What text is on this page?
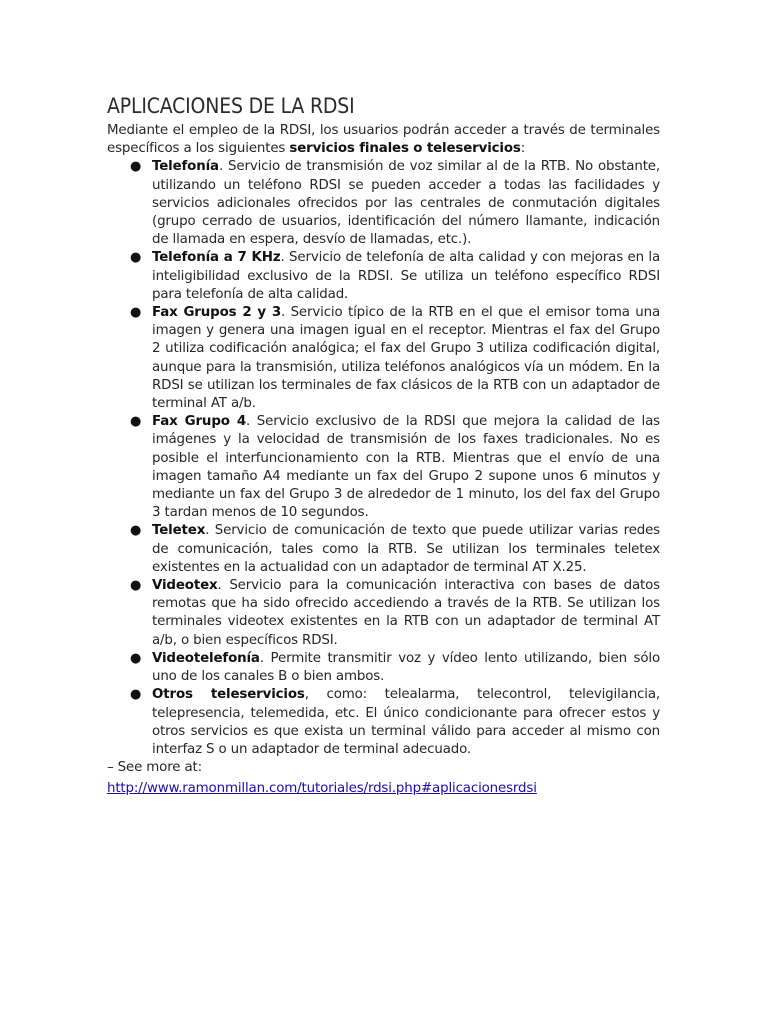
APLICACIONES DE LA RDSI

Mediante el empleo de la RDSI, los usuarios podrán acceder a través de terminales específicos a los siguientes servicios finales o teleservicios:

● Telefonía. Servicio de transmisión de voz similar al de la RTB. No obstante, utilizando un teléfono RDSI se pueden acceder a todas las facilidades y servicios adicionales ofrecidos por las centrales de conmutación digitales (grupo cerrado de usuarios, identificación del número llamante, indicación de llamada en espera, desvío de llamadas, etc.).
● Telefonía a 7 KHz. Servicio de telefonía de alta calidad y con mejoras en la inteligibilidad exclusivo de la RDSI. Se utiliza un teléfono específico RDSI para telefonía de alta calidad.
● Fax Grupos 2 y 3. Servicio típico de la RTB en el que el emisor toma una imagen y genera una imagen igual en el receptor. Mientras el fax del Grupo 2 utiliza codificación analógica; el fax del Grupo 3 utiliza codificación digital, aunque para la transmisión, utiliza teléfonos analógicos vía un módem. En la RDSI se utilizan los terminales de fax clásicos de la RTB con un adaptador de terminal AT a/b.
● Fax Grupo 4. Servicio exclusivo de la RDSI que mejora la calidad de las imágenes y la velocidad de transmisión de los faxes tradicionales. No es posible el interfuncionamiento con la RTB. Mientras que el envío de una imagen tamaño A4 mediante un fax del Grupo 2 supone unos 6 minutos y mediante un fax del Grupo 3 de alrededor de 1 minuto, los del fax del Grupo 3 tardan menos de 10 segundos.
● Teletex. Servicio de comunicación de texto que puede utilizar varias redes de comunicación, tales como la RTB. Se utilizan los terminales teletex existentes en la actualidad con un adaptador de terminal AT X.25.
● Videotex. Servicio para la comunicación interactiva con bases de datos remotas que ha sido ofrecido accediendo a través de la RTB. Se utilizan los terminales videotex existentes en la RTB con un adaptador de terminal AT a/b, o bien específicos RDSI.
● Videotelefonía. Permite transmitir voz y vídeo lento utilizando, bien sólo uno de los canales B o bien ambos.
● Otros teleservicios, como: telealarma, telecontrol, televigilancia, telepresencia, telemedida, etc. El único condicionante para ofrecer estos y otros servicios es que exista un terminal válido para acceder al mismo con interfaz S o un adaptador de terminal adecuado.

– See more at:

http://www.ramonmillan.com/tutoriales/rdsi.php#aplicacionesrdsi
